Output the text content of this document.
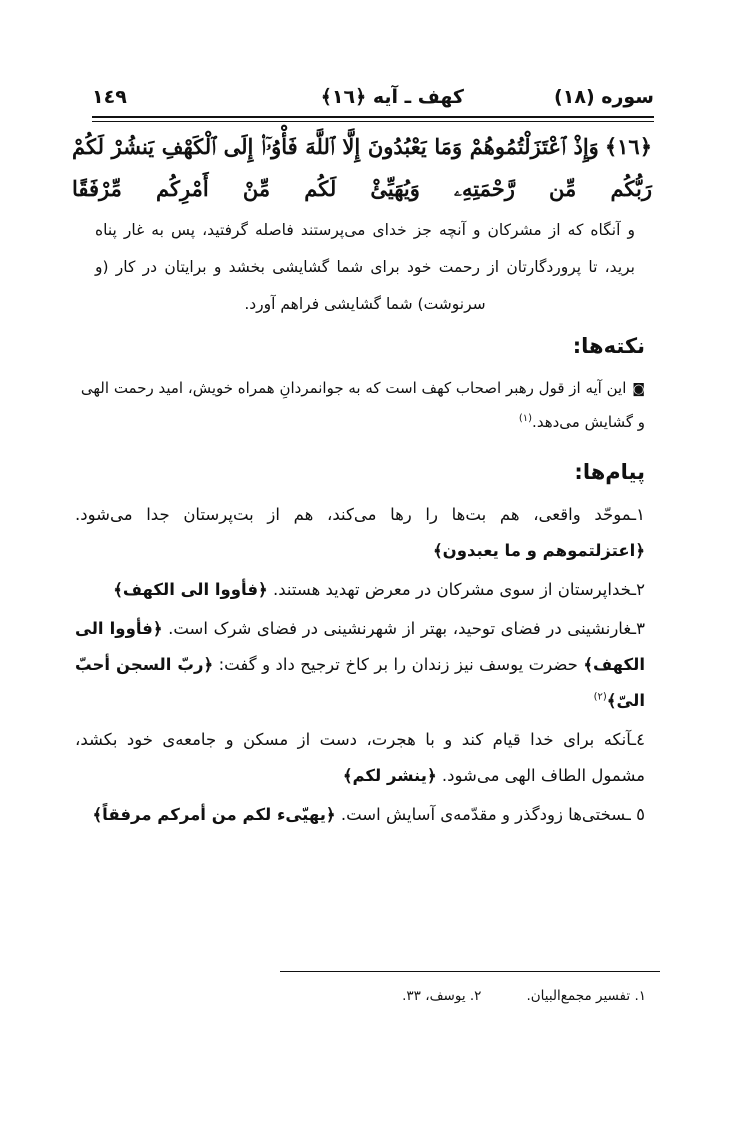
سوره (١٨)
کهف ـ آیه ﴿١٦﴾
١٤٩

﴿١٦﴾وَإِذْ ٱعْتَزَلْتُمُوهُمْ وَمَا يَعْبُدُونَ إِلَّا ٱللَّهَ فَأْوُۥٓا۟ إِلَى ٱلْكَهْفِ يَنشُرْ لَكُمْ رَبُّكُم مِّن رَّحْمَتِهِۦ وَيُهَيِّئْ لَكُم مِّنْ أَمْرِكُم مِّرْفَقًا

و آنگاه که از مشرکان و آنچه جز خدای می‌پرستند فاصله گرفتید، پس به غار پناه برید، تا پروردگارتان از رحمت خود برای شما گشایشی بخشد و برایتان در کار (و سرنوشت) شما گشایشی فراهم آورد.

نکته‌ها:

◙این آیه از قول رهبر اصحاب کهف است که به جوانمردانِ همراه خویش، امید رحمت الهی و گشایش می‌دهد.$^{(١)}$

پیام‌ها:
١ـموحّد واقعی، هم بت‌ها را رها می‌کند، هم از بت‌پرستان جدا می‌شود. ﴿اعتزلتموهم و ما یعبدون﴾
٢ـخداپرستان از سوی مشرکان در معرض تهدید هستند. ﴿فأووا الی الکهف﴾
٣ـغارنشینی در فضای توحید، بهتر از شهرنشینی در فضای شرک است. ﴿فأووا الی الکهف﴾ حضرت یوسف نیز زندان را بر کاخ ترجیح داد و گفت: ﴿ربّ السجن أحبّ الیّ﴾$^{(٢)}$
٤ـآنکه برای خدا قیام کند و با هجرت، دست از مسکن و جامعه‌ی خود بکشد، مشمول الطاف الهی می‌شود. ﴿ینشر لکم﴾
٥ ـسختی‌ها زودگذر و مقدّمه‌ی آسایش است. ﴿یهیّیء لکم من أمرکم مرفقاً﴾

١. تفسیر مجمع‌البیان.٢. یوسف، ٣٣.
